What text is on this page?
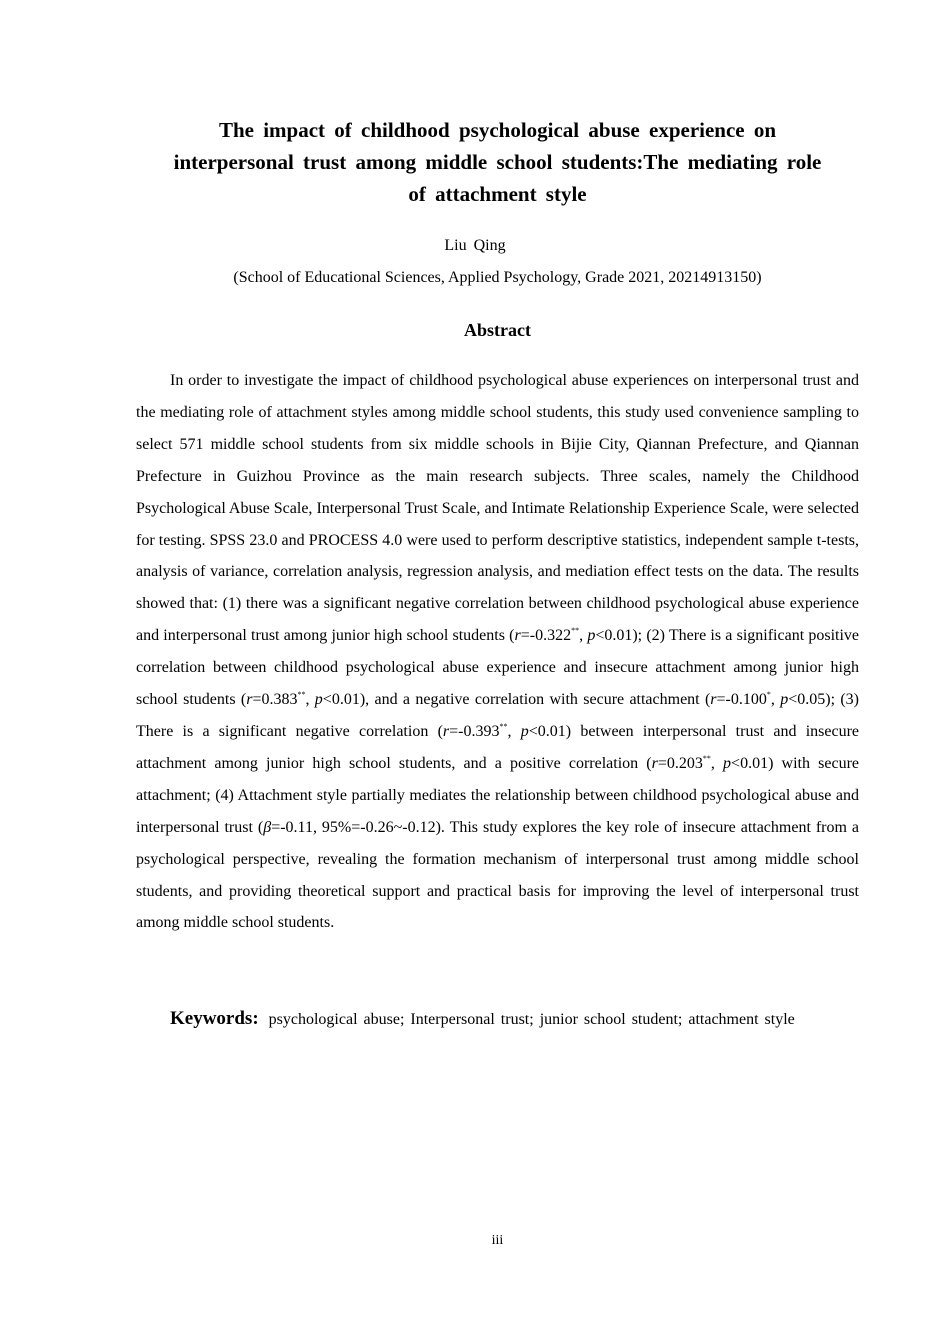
The impact of childhood psychological abuse experience on
interpersonal trust among middle school students:The mediating role
of attachment style
Liu Qing
(School of Educational Sciences, Applied Psychology, Grade 2021, 20214913150)
Abstract

In order to investigate the impact of childhood psychological abuse experiences on interpersonal trust and the mediating role of attachment styles among middle school students, this study used convenience sampling to select 571 middle school students from six middle schools in Bijie City, Qiannan Prefecture, and Qiannan Prefecture in Guizhou Province as the main research subjects. Three scales, namely the Childhood Psychological Abuse Scale, Interpersonal Trust Scale, and Intimate Relationship Experience Scale, were selected for testing. SPSS 23.0 and PROCESS 4.0 were used to perform descriptive statistics, independent sample t-tests, analysis of variance, correlation analysis, regression analysis, and mediation effect tests on the data. The results showed that: (1) there was a significant negative correlation between childhood psychological abuse experience and interpersonal trust among junior high school students (r=-0.322**, p<0.01); (2) There is a significant positive correlation between childhood psychological abuse experience and insecure attachment among junior high school students (r=0.383**, p<0.01), and a negative correlation with secure attachment (r=-0.100*, p<0.05); (3) There is a significant negative correlation (r=-0.393**, p<0.01) between interpersonal trust and insecure attachment among junior high school students, and a positive correlation (r=0.203**, p<0.01) with secure attachment; (4) Attachment style partially mediates the relationship between childhood psychological abuse and interpersonal trust (β=-0.11, 95%=-0.26~-0.12). This study explores the key role of insecure attachment from a psychological perspective, revealing the formation mechanism of interpersonal trust among middle school students, and providing theoretical support and practical basis for improving the level of interpersonal trust among middle school students.

Keywords: psychological abuse; Interpersonal trust; junior school student; attachment style
iii
